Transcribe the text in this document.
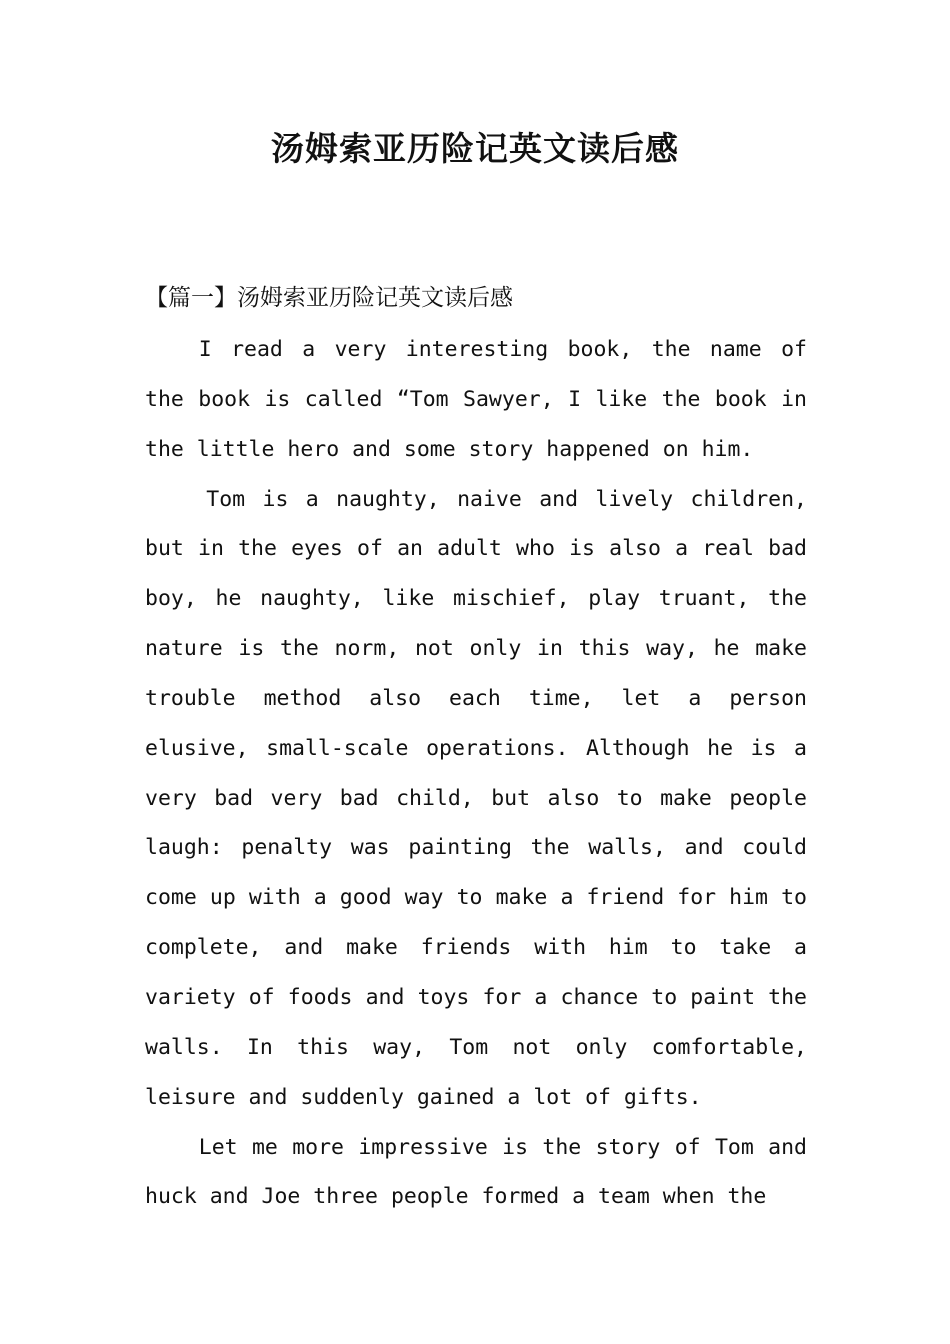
汤姆索亚历险记英文读后感
【篇一】汤姆索亚历险记英文读后感

I read a very interesting book, the name of the book is called “Tom Sawyer, I like the book in the little hero and some story happened on him.

Tom is a naughty, naive and lively children, but in the eyes of an adult who is also a real bad boy, he naughty, like mischief, play truant, the nature is the norm, not only in this way, he make trouble method also each time, let a person elusive, small-scale operations. Although he is a very bad very bad child, but also to make people laugh: penalty was painting the walls, and could come up with a good way to make a friend for him to complete, and make friends with him to take a variety of foods and toys for a chance to paint the walls. In this way, Tom not only comfortable, leisure and suddenly gained a lot of gifts.

Let me more impressive is the story of Tom and huck and Joe three people formed a team when the
